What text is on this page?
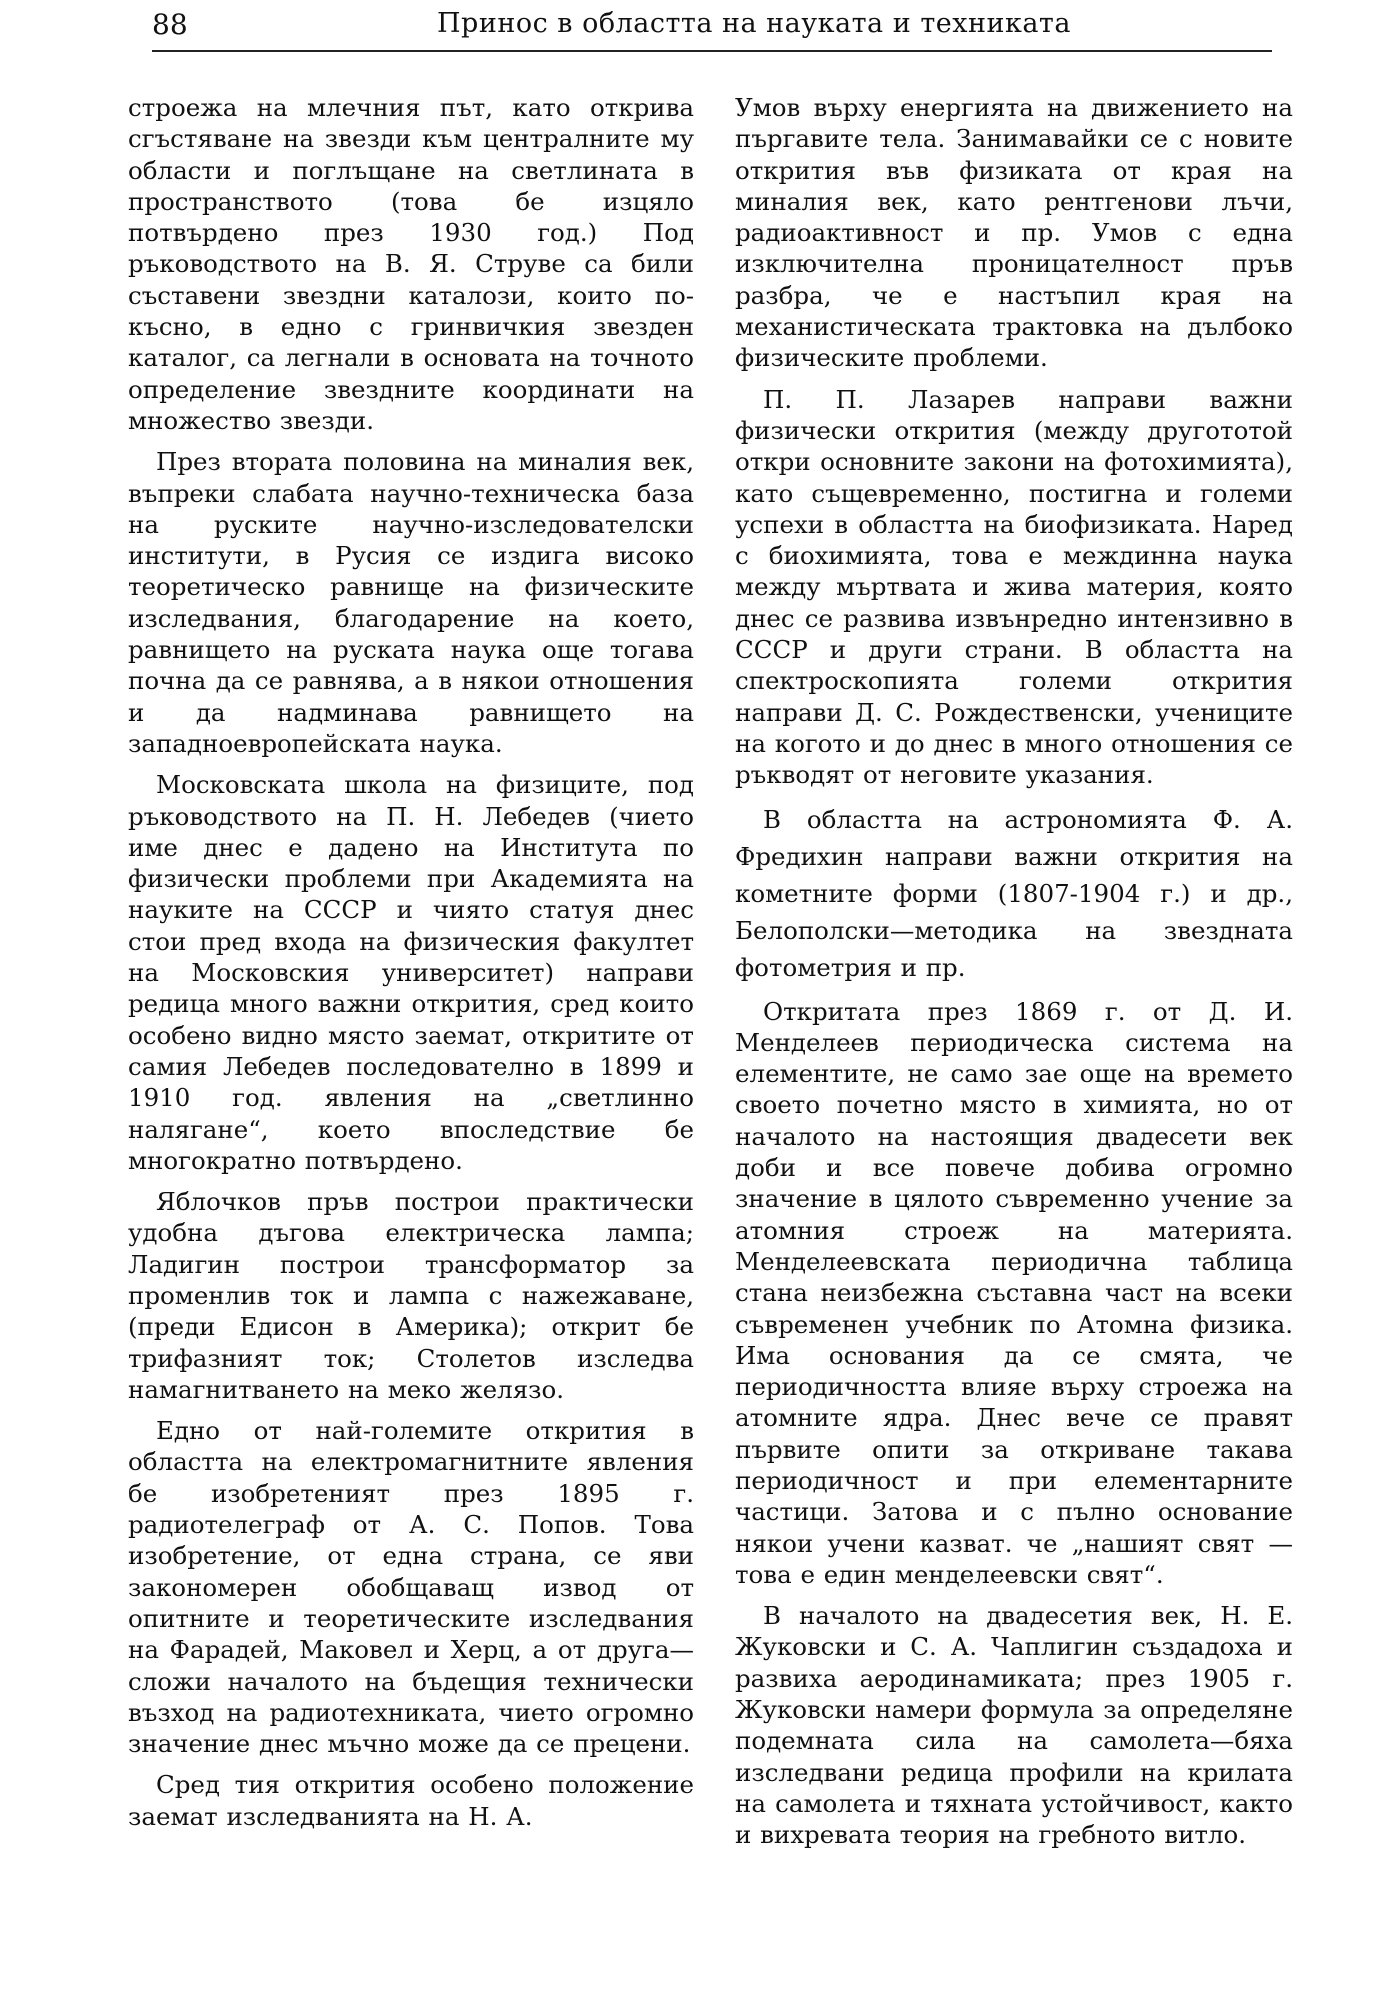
88	Принос в областта на науката и техниката

строежа на млечния път, като открива сгъстяване на звезди към централните му области и поглъщане на светлината в пространството (това бе изцяло потвърдено през 1930 год.) Под ръководството на В. Я. Струве са били съставени звездни каталози, които по-късно, в едно с гринвичкия звезден каталог, са легнали в основата на точното определение звездните координати на множество звезди.

През втората половина на миналия век, въпреки слабата научно-техническа база на руските научно-изследователски институти, в Русия се издига високо теоретическо равнище на физическите изследвания, благодарение на което, равнището на руската наука още тогава почна да се равнява, а в някои отношения и да надминава равнището на западноевропейската наука.

Московската школа на физиците, под ръководството на П. Н. Лебедев (чието име днес е дадено на Института по физически проблеми при Академията на науките на СССР и чиято статуя днес стои пред входа на физическия факултет на Московския университет) направи редица много важни открития, сред които особено видно място заемат, откритите от самия Лебедев последователно в 1899 и 1910 год. явления на „светлинно налягане“, което впоследствие бе многократно потвърдено.

Яблочков пръв построи практически удобна дъгова електрическа лампа; Ладигин построи трансформатор за променлив ток и лампа с нажежаване, (преди Едисон в Америка); открит бе трифазният ток; Столетов изследва намагнитването на меко желязо.

Едно от най-големите открития в областта на електромагнитните явления бе изобретеният през 1895 г. радиотелеграф от А. С. Попов. Това изобретение, от една страна, се яви закономерен обобщаващ извод от опитните и теоретическите изследвания на Фарадей, Маковел и Херц, а от друга—сложи началото на бъдещия технически възход на радиотехниката, чието огромно значение днес мъчно може да се прецени.

Сред тия открития особено положение заемат изследванията на Н. А.

Умов върху енергията на движението на пъргавите тела. Занимавайки се с новите открития във физиката от края на миналия век, като рентгенови лъчи, радиоактивност и пр. Умов с една изключителна проницателност пръв разбра, че е настъпил края на механистическата трактовка на дълбоко физическите проблеми.

П. П. Лазарев направи важни физически открития (между другототой откри основните закони на фотохимията), като същевременно, постигна и големи успехи в областта на биофизиката. Наред с биохимията, това е междинна наука между мъртвата и жива материя, която днес се развива извънредно интензивно в СССР и други страни. В областта на спектроскопията големи открития направи Д. С. Рождественски, учениците на когото и до днес в много отношения се ръкводят от неговите указания.

В областта на астрономията Ф. А. Фредихин направи важни открития на кометните форми (1807-1904 г.) и др., Белополски—методика на звездната фотометрия и пр.

Откритата през 1869 г. от Д. И. Менделеев периодическа система на елементите, не само зае още на времето своето почетно място в химията, но от началото на настоящия двадесети век доби и все повече добива огромно значение в цялото съвременно учение за атомния строеж на материята. Менделеевската периодична таблица стана неизбежна съставна част на всеки съвременен учебник по Атомна физика. Има основания да се смята, че периодичността влияе върху строежа на атомните ядра. Днес вече се правят първите опити за откриване такава периодичност и при елементарните частици. Затова и с пълно основание някои учени казват. че „нашият свят — това е един менделеевски свят“.

В началото на двадесетия век, Н. Е. Жуковски и С. А. Чаплигин създадоха и развиха аеродинамиката; през 1905 г. Жуковски намери формула за определяне подемната сила на самолета—бяха изследвани редица профили на крилата на самолета и тяхната устойчивост, както и вихревата теория на гребното витло.
